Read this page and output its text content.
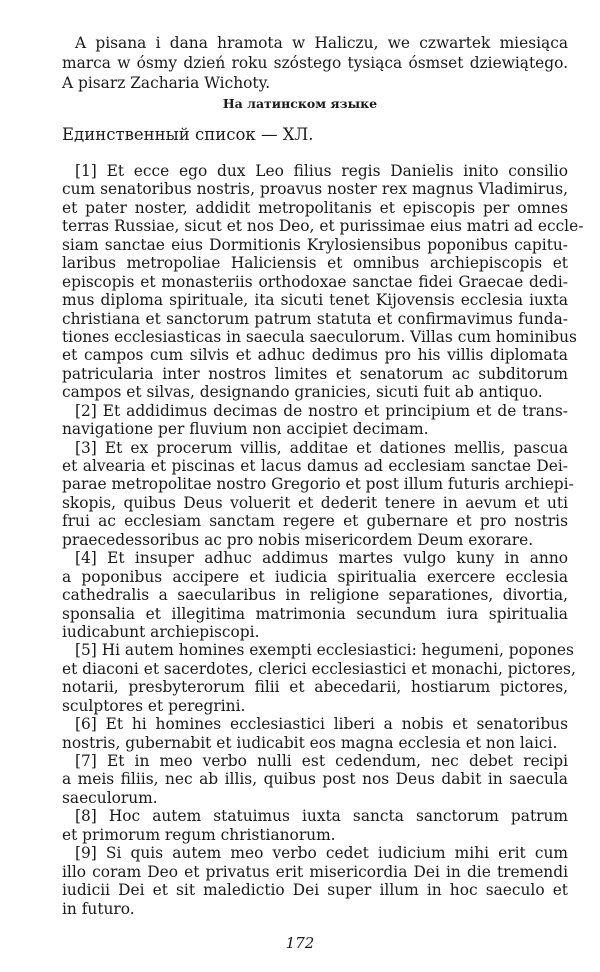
A pisana i dana hramota w Haliczu, we czwartek miesiąca
marca w ósmy dzień roku szóstego tysiąca ósmset dziewiątego.
A pisarz Zacharia Wichoty.
На латинском языке
Единственный список — ХЛ.
[1] Et ecce ego dux Leo filius regis Danielis inito consilio
cum senatoribus nostris, proavus noster rex magnus Vladimirus,
et pater noster, addidit metropolitanis et episcopis per omnes
terras Russiae, sicut et nos Deo, et purissimae eius matri ad eccle-
siam sanctae eius Dormitionis Krylosiensibus poponibus capitu-
laribus metropoliae Haliciensis et omnibus archiepiscopis et
episcopis et monasteriis orthodoxae sanctae fidei Graecae dedi-
mus diploma spirituale, ita sicuti tenet Kijovensis ecclesia iuxta
christiana et sanctorum patrum statuta et confirmavimus funda-
tiones ecclesiasticas in saecula saeculorum. Villas cum hominibus
et campos cum silvis et adhuc dedimus pro his villis diplomata
patricularia inter nostros limites et senatorum ac subditorum
campos et silvas, designando granicies, sicuti fuit ab antiquo.
[2] Et addidimus decimas de nostro et principium et de trans-
navigatione per fluvium non accipiet decimam.
[3] Et ex procerum villis, additae et dationes mellis, pascua
et alvearia et piscinas et lacus damus ad ecclesiam sanctae Dei-
parae metropolitae nostro Gregorio et post illum futuris archiepi-
skopis, quibus Deus voluerit et dederit tenere in aevum et uti
frui ac ecclesiam sanctam regere et gubernare et pro nostris
praecedessoribus ac pro nobis misericordem Deum exorare.
[4] Et insuper adhuc addimus martes vulgo kuny in anno
a poponibus accipere et iudicia spiritualia exercere ecclesia
cathedralis a saecularibus in religione separationes, divortia,
sponsalia et illegitima matrimonia secundum iura spiritualia
iudicabunt archiepiscopi.
[5] Hi autem homines exempti ecclesiastici: hegumeni, popones
et diaconi et sacerdotes, clerici ecclesiastici et monachi, pictores,
notarii, presbyterorum filii et abecedarii, hostiarum pictores,
sculptores et peregrini.
[6] Et hi homines ecclesiastici liberi a nobis et senatoribus
nostris, gubernabit et iudicabit eos magna ecclesia et non laici.
[7] Et in meo verbo nulli est cedendum, nec debet recipi
a meis filiis, nec ab illis, quibus post nos Deus dabit in saecula
saeculorum.
[8] Hoc autem statuimus iuxta sancta sanctorum patrum
et primorum regum christianorum.
[9] Si quis autem meo verbo cedet iudicium mihi erit cum
illo coram Deo et privatus erit misericordia Dei in die tremendi
iudicii Dei et sit maledictio Dei super illum in hoc saeculo et
in futuro.
172
